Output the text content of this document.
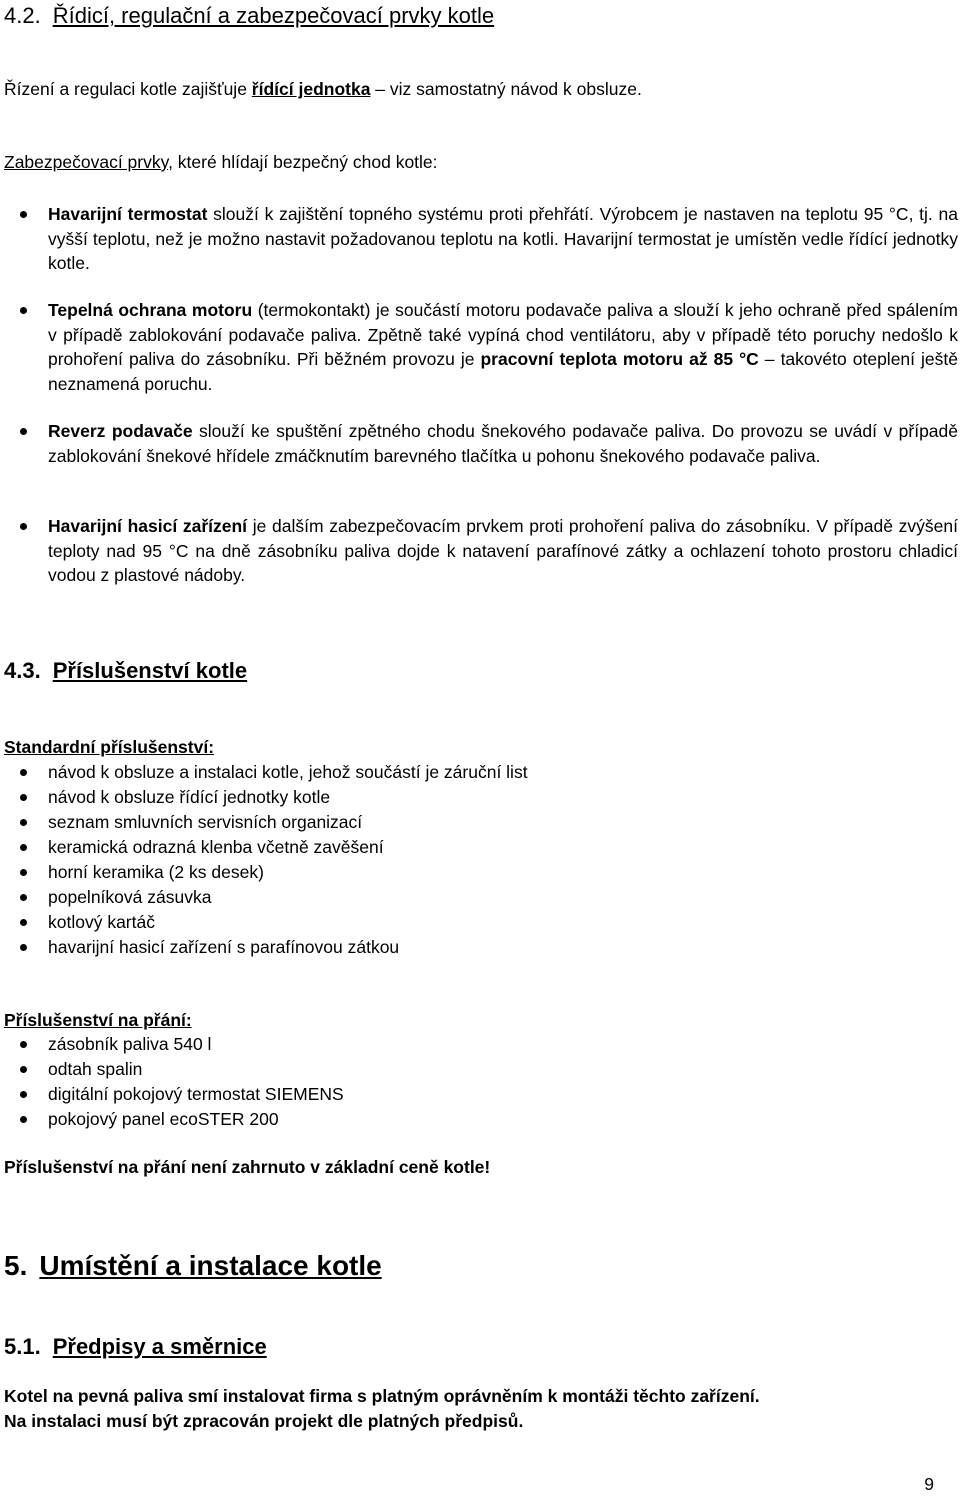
4.2. Řídicí, regulační a zabezpečovací prvky kotle
Řízení a regulaci kotle zajišťuje řídící jednotka – viz samostatný návod k obsluze.
Zabezpečovací prvky, které hlídají bezpečný chod kotle:
Havarijní termostat slouží k zajištění topného systému proti přehřátí. Výrobcem je nastaven na teplotu 95 °C, tj. na vyšší teplotu, než je možno nastavit požadovanou teplotu na kotli. Havarijní termostat je umístěn vedle řídící jednotky kotle.
Tepelná ochrana motoru (termokontakt) je součástí motoru podavače paliva a slouží k jeho ochraně před spálením v případě zablokování podavače paliva. Zpětně také vypíná chod ventilátoru, aby v případě této poruchy nedošlo k prohoření paliva do zásobníku. Při běžném provozu je pracovní teplota motoru až 85 °C – takovéto oteplení ještě neznamená poruchu.
Reverz podavače slouží ke spuštění zpětného chodu šnekového podavače paliva. Do provozu se uvádí v případě zablokování šnekové hřídele zmáčknutím barevného tlačítka u pohonu šnekového podavače paliva.
Havarijní hasicí zařízení je dalším zabezpečovacím prvkem proti prohoření paliva do zásobníku. V případě zvýšení teploty nad 95 °C na dně zásobníku paliva dojde k natavení parafínové zátky a ochlazení tohoto prostoru chladicí vodou z plastové nádoby.
4.3. Příslušenství kotle
Standardní příslušenství:
návod k obsluze a instalaci kotle, jehož součástí je záruční list
návod k obsluze řídící jednotky kotle
seznam smluvních servisních organizací
keramická odrazná klenba včetně zavěšení
horní keramika (2 ks desek)
popelníková zásuvka
kotlový kartáč
havarijní hasicí zařízení s parafínovou zátkou
Příslušenství na přání:
zásobník paliva 540 l
odtah spalin
digitální pokojový termostat SIEMENS
pokojový panel ecoSTER 200
Příslušenství na přání není zahrnuto v základní ceně kotle!
5. Umístění a instalace kotle
5.1. Předpisy a směrnice
Kotel na pevná paliva smí instalovat firma s platným oprávněním k montáži těchto zařízení.
Na instalaci musí být zpracován projekt dle platných předpisů.
9
